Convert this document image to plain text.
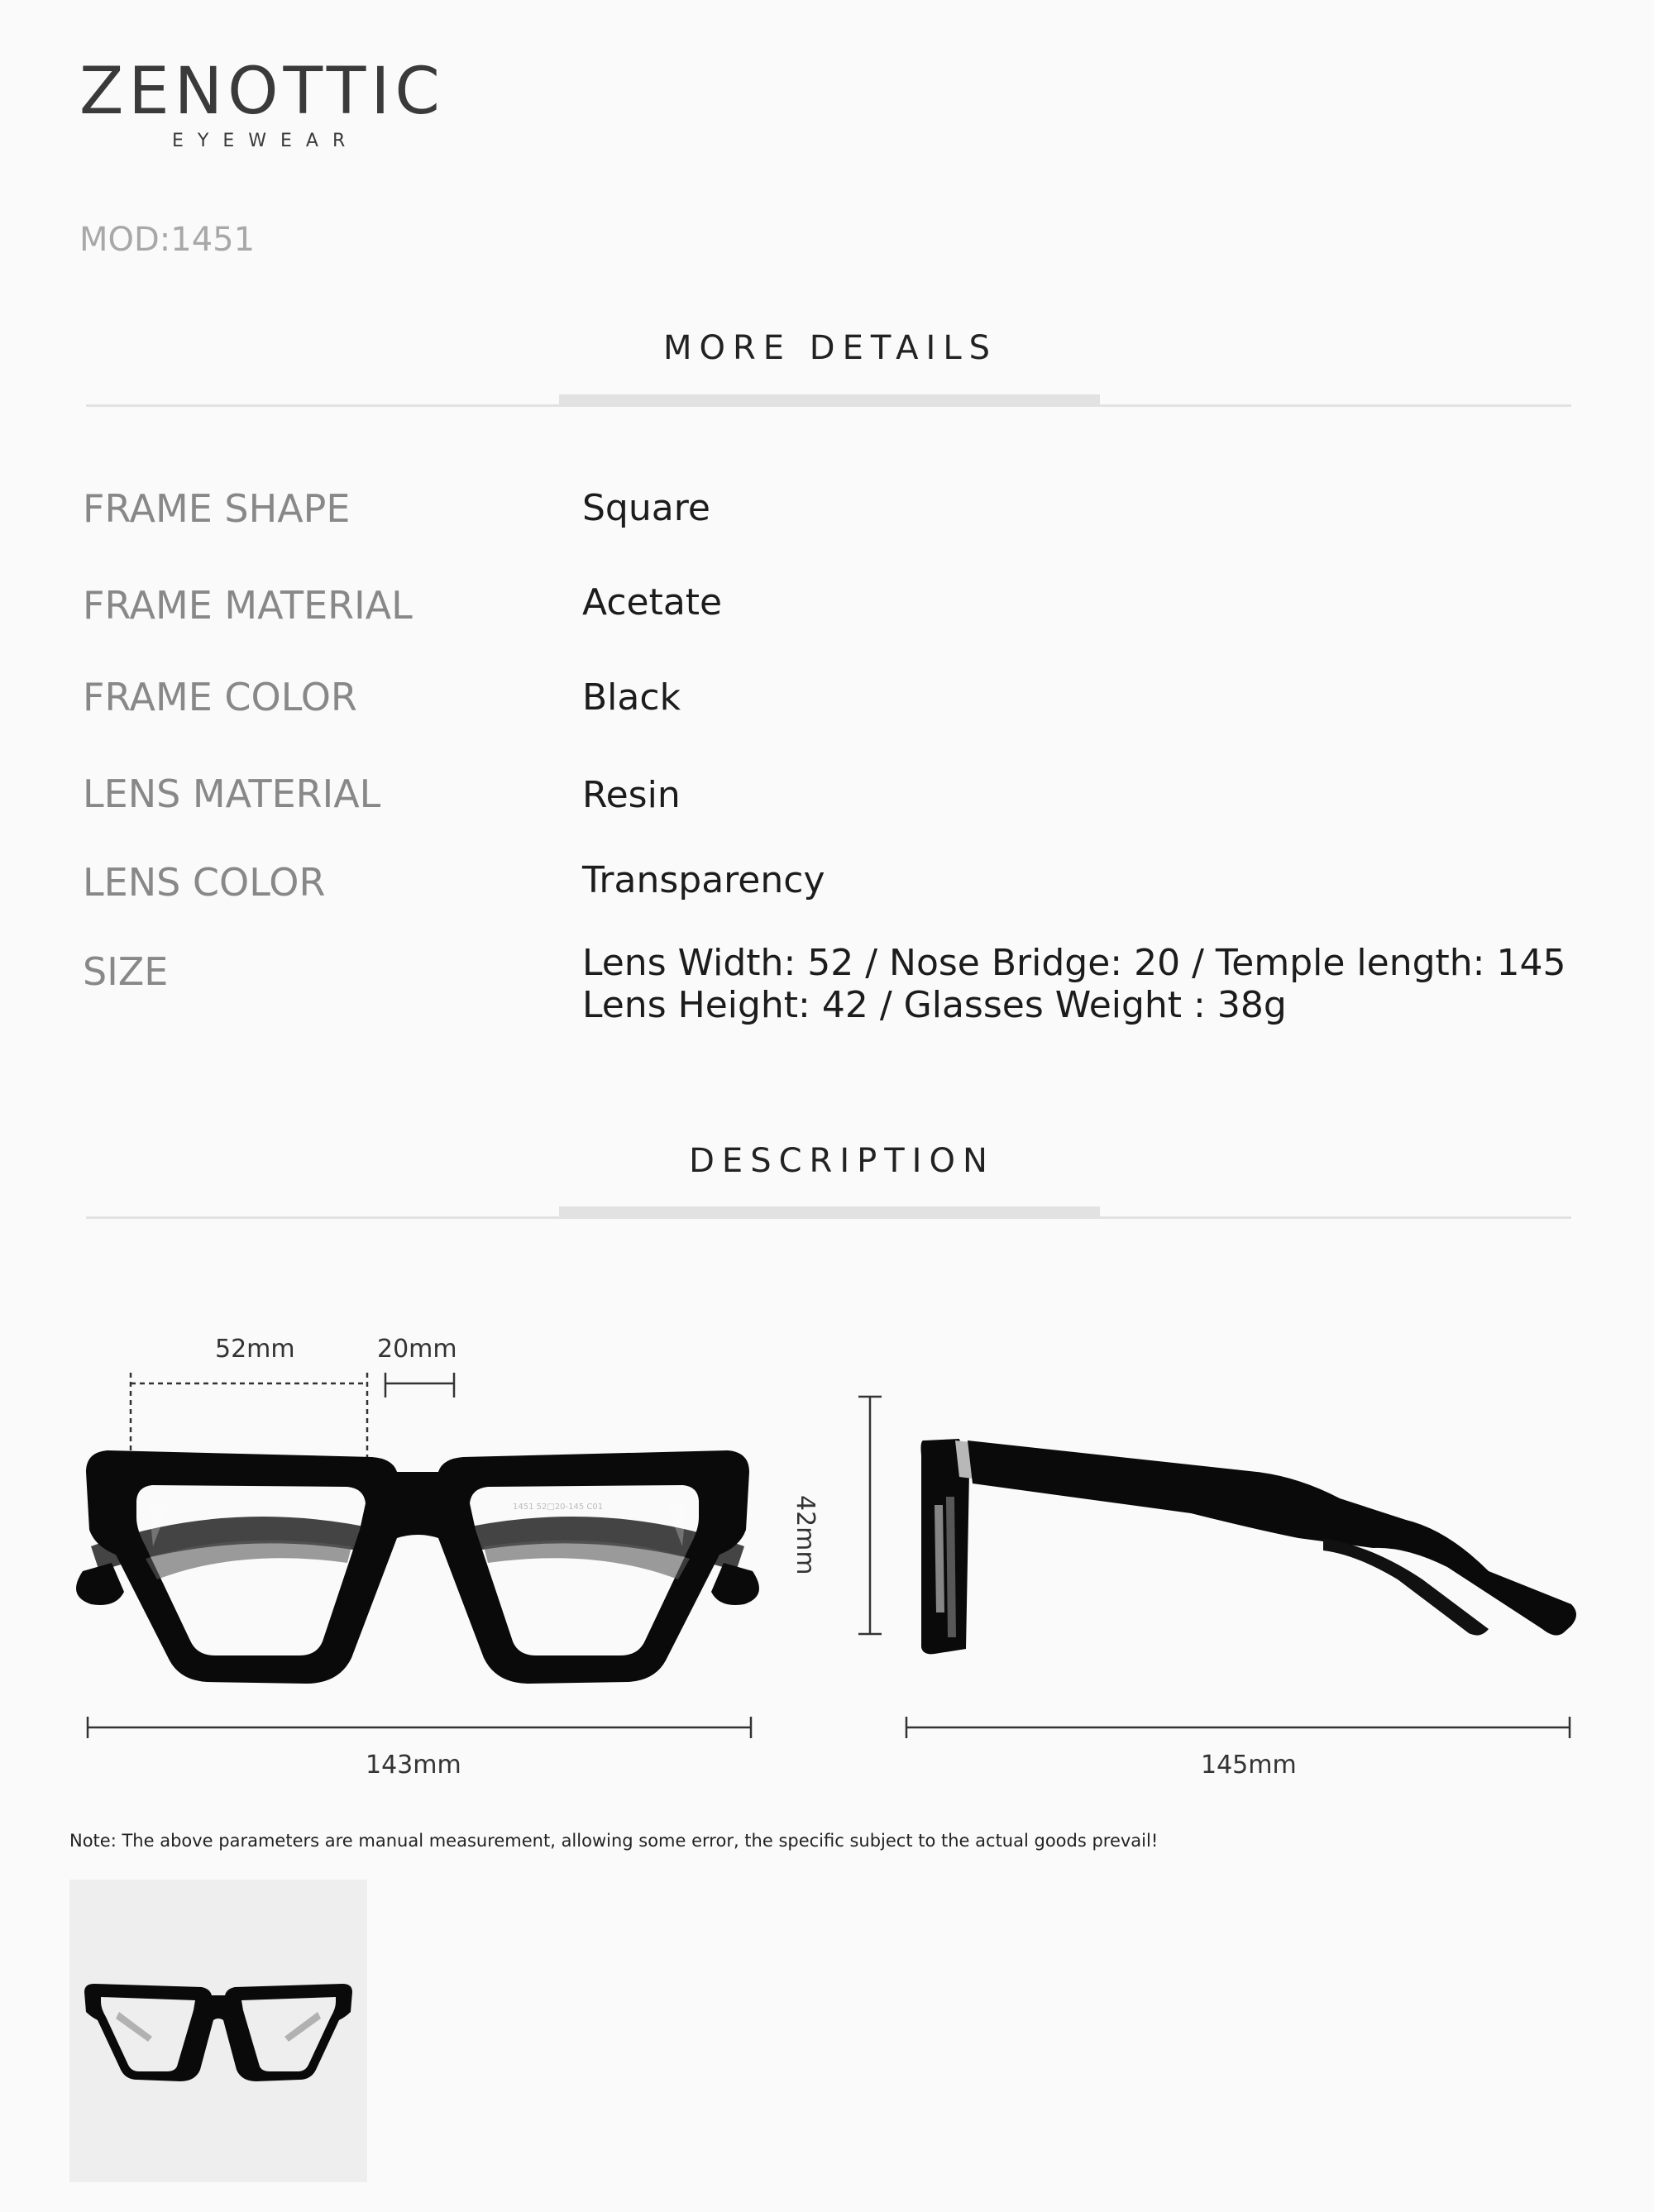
ZENOTTIC
EYEWEAR
MOD:1451
MORE DETAILS
FRAME SHAPE	Square
FRAME MATERIAL	Acetate
FRAME COLOR	Black
LENS MATERIAL	Resin
LENS COLOR	Transparency
SIZE	Lens Width: 52 / Nose Bridge: 20 / Temple length: 145
Lens Height: 42 / Glasses Weight : 38g
DESCRIPTION
52mm	20mm
42mm
143mm	145mm
1451 52□20-145 C01
Note: The above parameters are manual measurement, allowing some error, the specific subject to the actual goods prevail!
